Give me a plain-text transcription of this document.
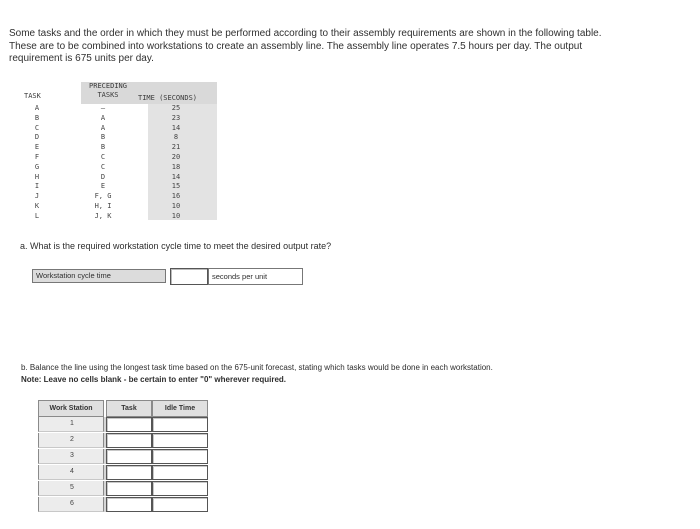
Some tasks and the order in which they must be performed according to their assembly requirements are shown in the following table.
These are to be combined into workstations to create an assembly line. The assembly line operates 7.5 hours per day. The output
requirement is 675 units per day.
TASK
PRECEDING
TASKS	TIME (SECONDS)
A	–	25
B	A	23
C	A	14
D	B	8
E	B	21
F	C	20
G	C	18
H	D	14
I	E	15
J	F, G	16
K	H, I	10
L	J, K	10
a. What is the required workstation cycle time to meet the desired output rate?
Workstation cycle time	seconds per unit
b. Balance the line using the longest task time based on the 675-unit forecast, stating which tasks would be done in each workstation.
Note: Leave no cells blank - be certain to enter "0" wherever required.
Work Station	Task	Idle Time
1
2
3
4
5
6
